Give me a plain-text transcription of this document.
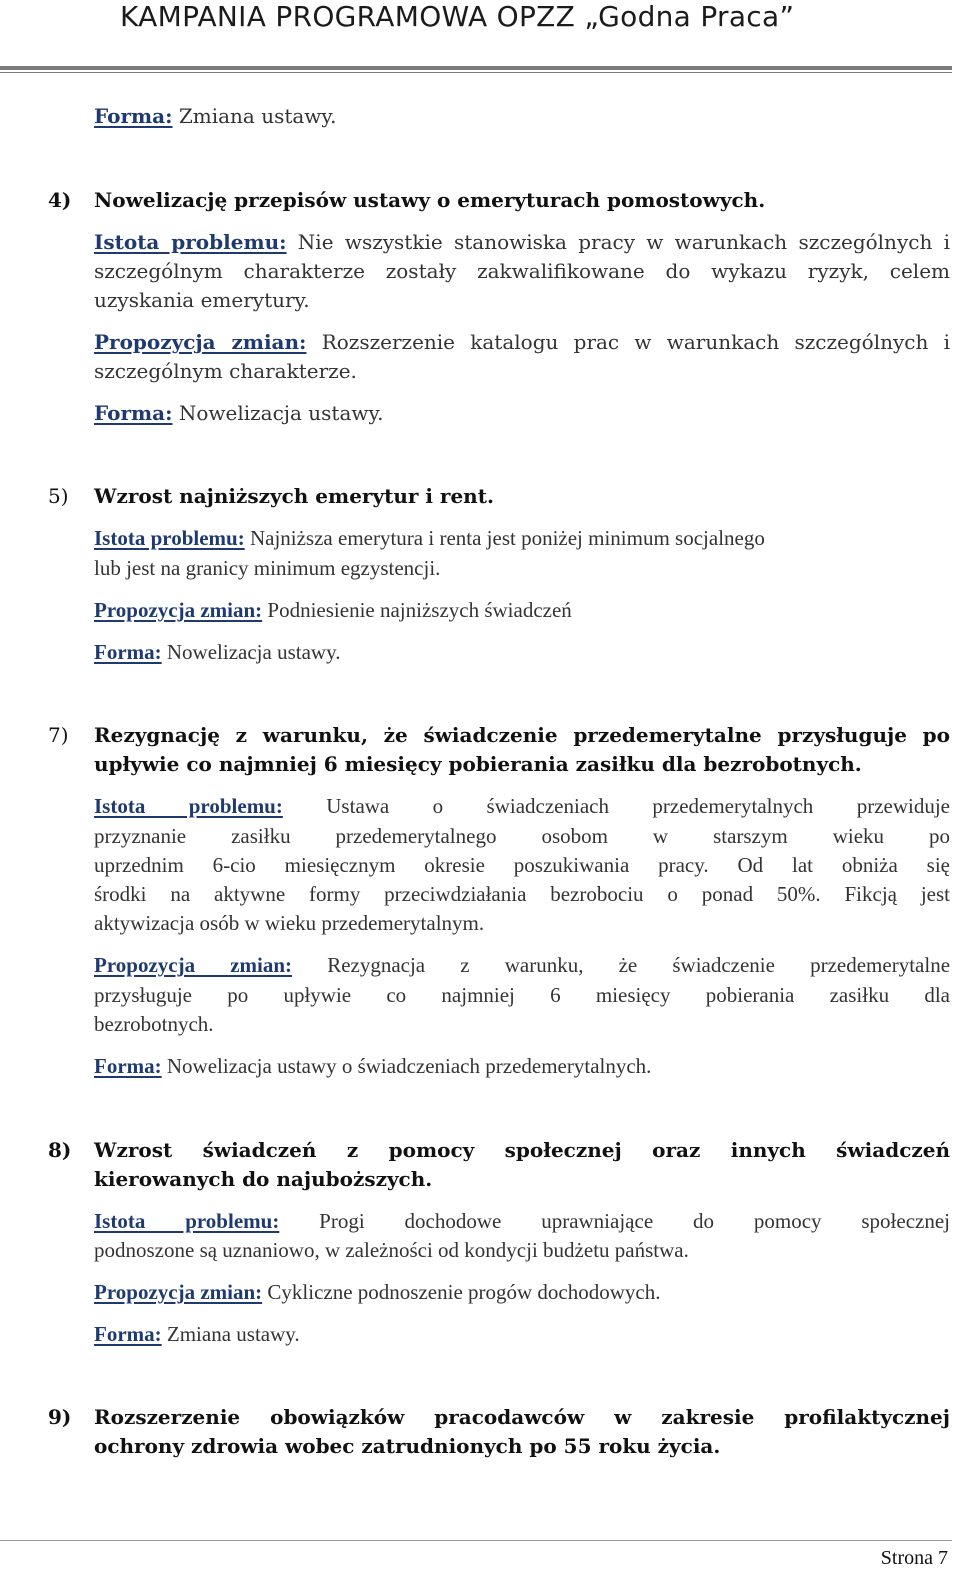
KAMPANIA PROGRAMOWA OPZZ „Godna Praca”
Forma: Zmiana ustawy.
4) Nowelizację przepisów ustawy o emeryturach pomostowych.
Istota problemu: Nie wszystkie stanowiska pracy w warunkach szczególnych i
szczególnym charakterze zostały zakwalifikowane do wykazu ryzyk, celem
uzyskania emerytury.
Propozycja zmian: Rozszerzenie katalogu prac w warunkach szczególnych i
szczególnym charakterze.
Forma: Nowelizacja ustawy.
5) Wzrost najniższych emerytur i rent.
Istota problemu: Najniższa emerytura i renta jest poniżej minimum socjalnego
lub jest na granicy minimum egzystencji.
Propozycja zmian: Podniesienie najniższych świadczeń
Forma: Nowelizacja ustawy.
7) Rezygnację z warunku, że świadczenie przedemerytalne przysługuje po
upływie co najmniej 6 miesięcy pobierania zasiłku dla bezrobotnych.
Istota problemu: Ustawa o świadczeniach przedemerytalnych przewiduje
przyznanie zasiłku przedemerytalnego osobom w starszym wieku po
uprzednim 6-cio miesięcznym okresie poszukiwania pracy. Od lat obniża się
środki na aktywne formy przeciwdziałania bezrobociu o ponad 50%. Fikcją jest
aktywizacja osób w wieku przedemerytalnym.
Propozycja zmian: Rezygnacja z warunku, że świadczenie przedemerytalne
przysługuje po upływie co najmniej 6 miesięcy pobierania zasiłku dla
bezrobotnych.
Forma: Nowelizacja ustawy o świadczeniach przedemerytalnych.
8) Wzrost świadczeń z pomocy społecznej oraz innych świadczeń
kierowanych do najuboższych.
Istota problemu: Progi dochodowe uprawniające do pomocy społecznej
podnoszone są uznaniowo, w zależności od kondycji budżetu państwa.
Propozycja zmian: Cykliczne podnoszenie progów dochodowych.
Forma: Zmiana ustawy.
9) Rozszerzenie obowiązków pracodawców w zakresie profilaktycznej
ochrony zdrowia wobec zatrudnionych po 55 roku życia.
Strona 7
